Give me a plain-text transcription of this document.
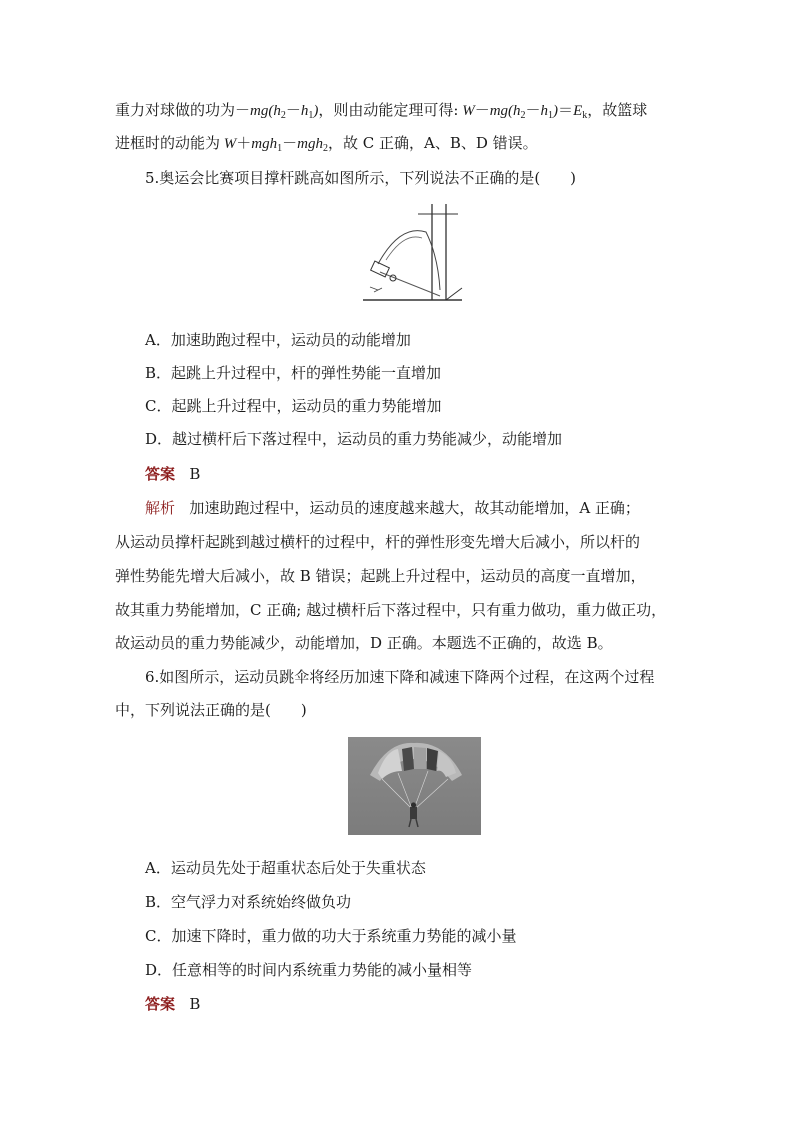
重力对球做的功为$-mg(h_2-h_1)$，则由动能定理可得: $W-mg(h_2-h_1)=E_k$，故篮球
进框时的动能为 W＋mgh$_1$－mgh$_2$，故 C 正确，A、B、D 错误。
5.奥运会比赛项目撑杆跳高如图所示，下列说法不正确的是(　　)
A．加速助跑过程中，运动员的动能增加
B．起跳上升过程中，杆的弹性势能一直增加
C．起跳上升过程中，运动员的重力势能增加
D．越过横杆后下落过程中，运动员的重力势能减少，动能增加
答案 B
解析 加速助跑过程中，运动员的速度越来越大，故其动能增加，A 正确；
从运动员撑杆起跳到越过横杆的过程中，杆的弹性形变先增大后减小，所以杆的
弹性势能先增大后减小，故 B 错误；起跳上升过程中，运动员的高度一直增加，
故其重力势能增加，C 正确; 越过横杆后下落过程中，只有重力做功，重力做正功，
故运动员的重力势能减少，动能增加，D 正确。本题选不正确的，故选 B。
6.如图所示，运动员跳伞将经历加速下降和减速下降两个过程，在这两个过程
中，下列说法正确的是(　　)
A．运动员先处于超重状态后处于失重状态
B．空气浮力对系统始终做负功
C．加速下降时，重力做的功大于系统重力势能的减小量
D．任意相等的时间内系统重力势能的减小量相等
答案 B
